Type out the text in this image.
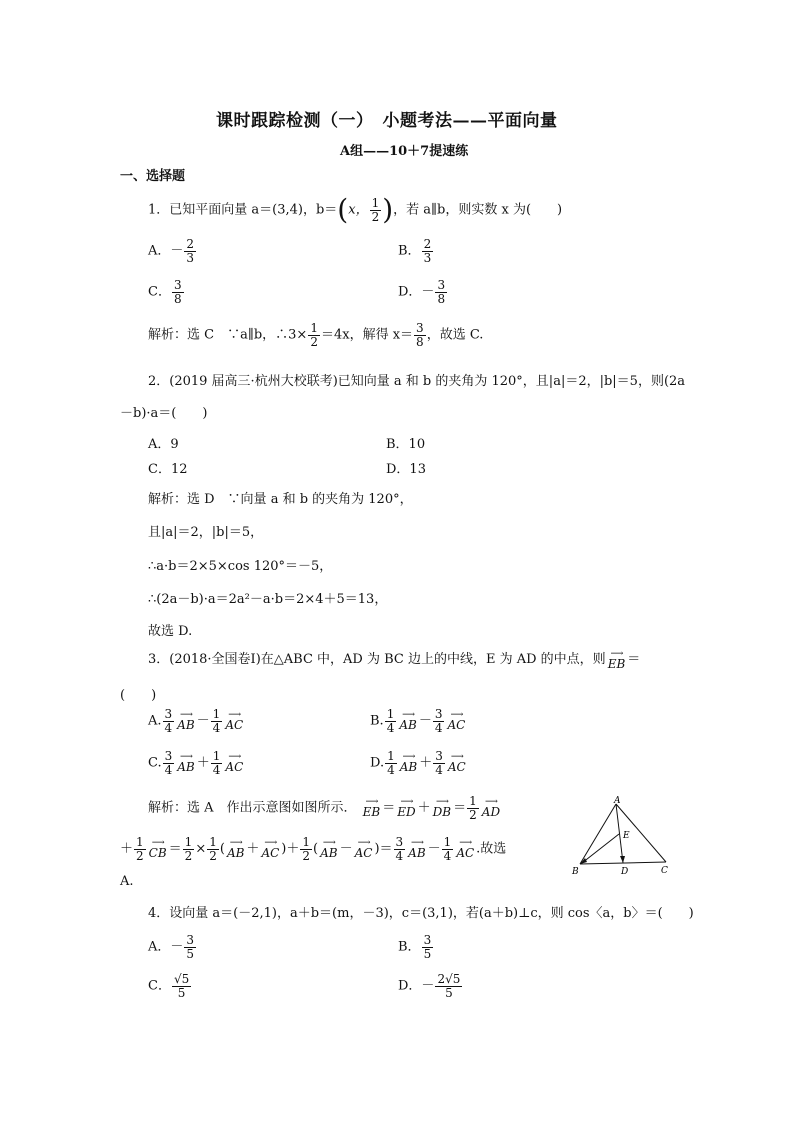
课时跟踪检测（一）　小题考法——平面向量
A组——10＋7提速练
一、选择题
1．已知平面向量 a＝(3,4)，b＝(x， $\frac{1}{2}$ )，若 a∥b，则实数 x 为(　　)
A．－ $\frac{2}{3}$	B． $\frac{2}{3}$
C． $\frac{3}{8}$	D．－ $\frac{3}{8}$
解析：选 C　∵a∥b，∴3× $\frac{1}{2} =4x$，解得 $x= \frac{3}{8}$ ，故选 C.
2．(2019 届高三·杭州大校联考)已知向量 a 和 b 的夹角为 120°，且|a|＝2，|b|＝5，则(2a
－b)·a＝(　　)
A．9	B．10
C．12	D．13
解析：选 D　∵向量 a 和 b 的夹角为 120°，
且|a|＝2，|b|＝5，
∴a·b＝2×5×cos 120°＝－5，
∴(2a－b)·a＝2a²－a·b＝2×4＋5＝13，
故选 D.
3．(2018·全国卷Ⅰ)在△ABC 中，AD 为 BC 边上的中线，E 为 AD 的中点，则 ⟶
EB ＝
(　　)
A. $\frac{3}{4}$ ⟶
AB － $\frac{1}{4}$ ⟶
AC	B. $\frac{1}{4}$ ⟶
AB － $\frac{3}{4}$ ⟶
AC
C. $\frac{3}{4}$ ⟶
AB ＋ $\frac{1}{4}$ ⟶
AC	D. $\frac{1}{4}$ ⟶
AB ＋ $\frac{3}{4}$ ⟶
AC
解析：选 A　作出示意图如图所示． ⟶
EB ＝ ⟶
ED ＋ ⟶
DB ＝ $\frac{1}{2}$ ⟶
AD
＋ $\frac{1}{2}$ ⟶
CB ＝ $\frac{1}{2} \times \frac{1}{2}$ ( ⟶
AB ＋ ⟶
AC )＋ $\frac{1}{2}$ ( ⟶
AB － ⟶
AC )＝ $\frac{3}{4}$ ⟶
AB － $\frac{1}{4}$ ⟶
AC .故选
A.
A
B	C
D
E
4．设向量 a＝(－2,1)，a＋b＝(m，－3)，c＝(3,1)，若(a＋b)⊥c，则 cos〈a，b〉＝(　　)
A．－ $\frac{3}{5}$	B． $\frac{3}{5}$
C． $\frac{√5}{5}$	D．－ $\frac{2√5}{5}$
